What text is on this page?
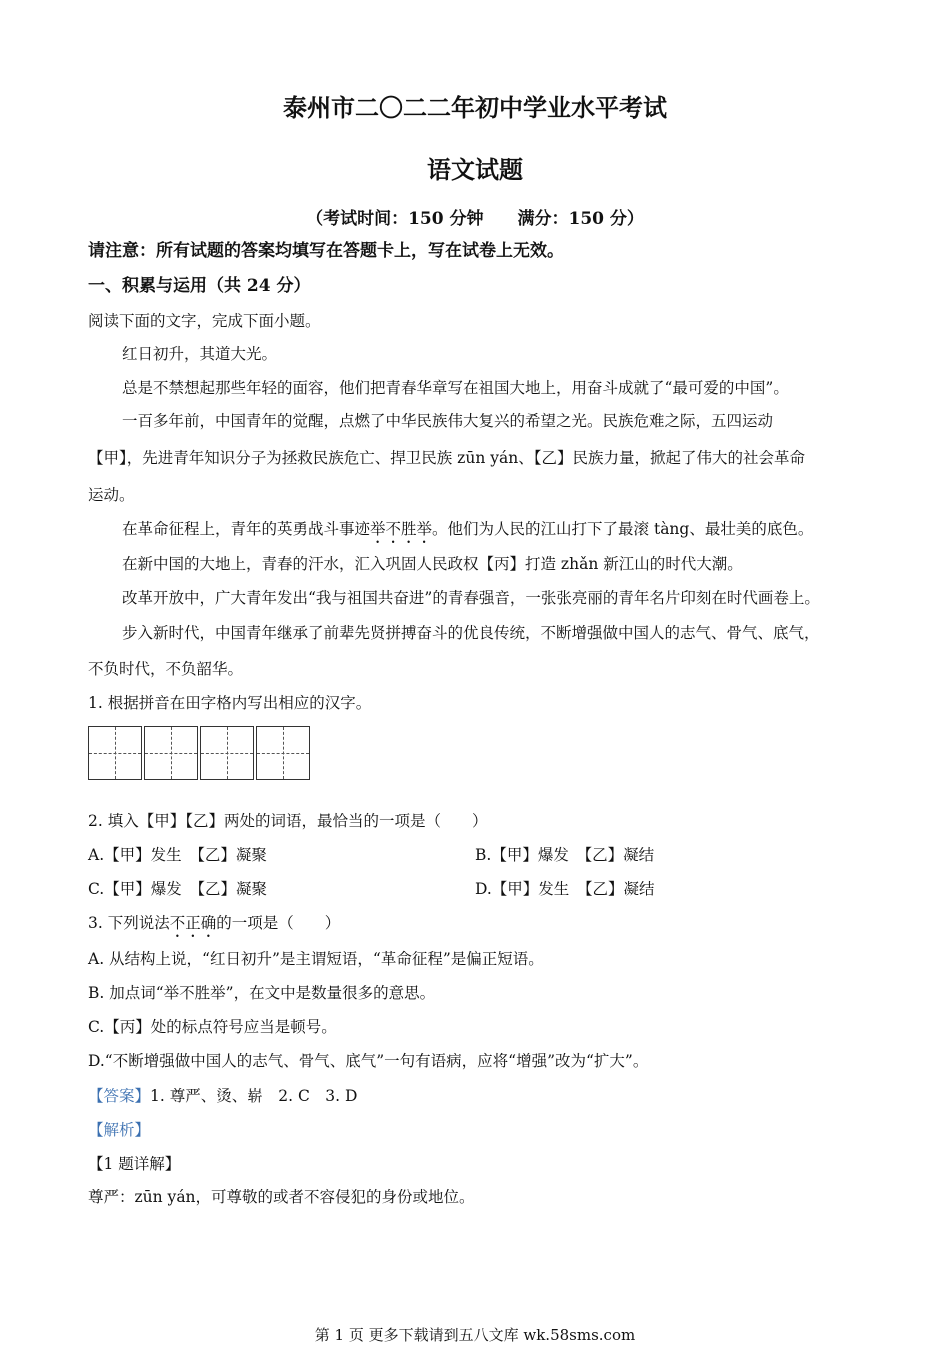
泰州市二〇二二年初中学业水平考试
语文试题
（考试时间：150 分钟　　满分：150 分）
请注意：所有试题的答案均填写在答题卡上，写在试卷上无效。
一、积累与运用（共 24 分）
阅读下面的文字，完成下面小题。
红日初升，其道大光。
总是不禁想起那些年轻的面容，他们把青春华章写在祖国大地上，用奋斗成就了“最可爱的中国”。
一百多年前，中国青年的觉醒，点燃了中华民族伟大复兴的希望之光。民族危难之际，五四运动
【甲】，先进青年知识分子为拯救民族危亡、捍卫民族 zūn yán、【乙】民族力量，掀起了伟大的社会革命
运动。
在革命征程上，青年的英勇战斗事迹举不胜举。他们为人民的江山打下了最滚 tàng、最壮美的底色。
在新中国的大地上，青春的汗水，汇入巩固人民政权【丙】打造 zhǎn 新江山的时代大潮。
改革开放中，广大青年发出“我与祖国共奋进”的青春强音，一张张亮丽的青年名片印刻在时代画卷上。
步入新时代，中国青年继承了前辈先贤拼搏奋斗的优良传统，不断增强做中国人的志气、骨气、底气，
不负时代，不负韶华。
1. 根据拼音在田字格内写出相应的汉字。
2. 填入【甲】【乙】两处的词语，最恰当的一项是（　　）
A.【甲】发生　【乙】凝聚	B.【甲】爆发　【乙】凝结
C.【甲】爆发　【乙】凝聚	D.【甲】发生　【乙】凝结
3. 下列说法不正确的一项是（　　）
A. 从结构上说，“红日初升”是主谓短语，“革命征程”是偏正短语。
B. 加点词“举不胜举”，在文中是数量很多的意思。
C.【丙】处的标点符号应当是顿号。
D.“不断增强做中国人的志气、骨气、底气”一句有语病，应将“增强”改为“扩大”。
【答案】1. 尊严、烫、崭　2. C　3. D
【解析】
【1 题详解】
尊严：zūn yán，可尊敬的或者不容侵犯的身份或地位。
第 1 页 更多下载请到五八文库 wk.58sms.com
